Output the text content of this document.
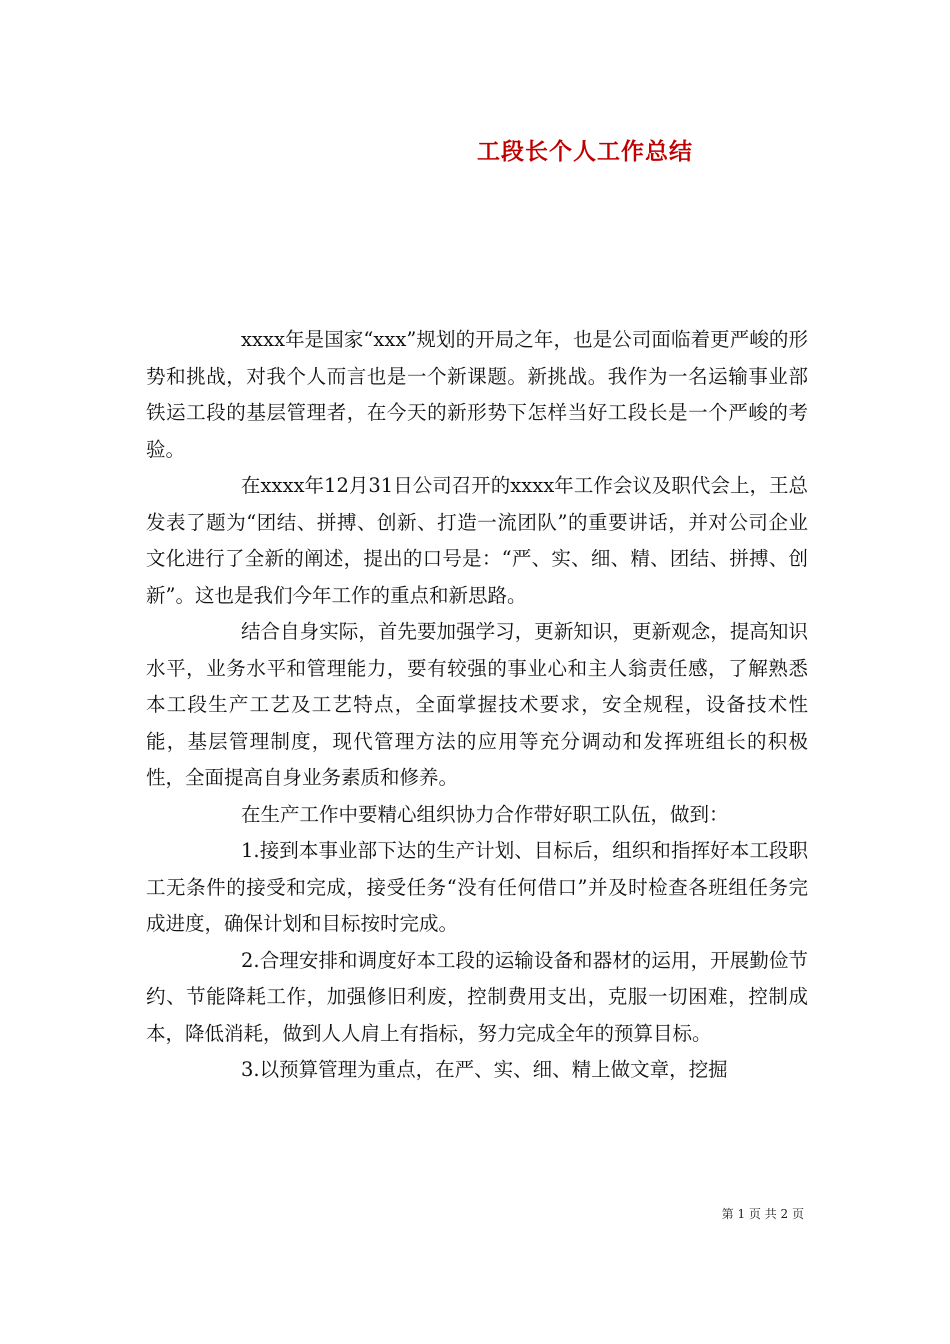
工段长个人工作总结

xxxx年是国家“xxx”规划的开局之年，也是公司面临着更严峻的形势和挑战，对我个人而言也是一个新课题。新挑战。我作为一名运输事业部铁运工段的基层管理者，在今天的新形势下怎样当好工段长是一个严峻的考验。

在xxxx年12月31日公司召开的xxxx年工作会议及职代会上，王总发表了题为“团结、拼搏、创新、打造一流团队”的重要讲话，并对公司企业文化进行了全新的阐述，提出的口号是：“严、实、细、精、团结、拼搏、创新”。这也是我们今年工作的重点和新思路。

结合自身实际，首先要加强学习，更新知识，更新观念，提高知识水平，业务水平和管理能力，要有较强的事业心和主人翁责任感，了解熟悉本工段生产工艺及工艺特点，全面掌握技术要求，安全规程，设备技术性能，基层管理制度，现代管理方法的应用等充分调动和发挥班组长的积极性，全面提高自身业务素质和修养。

在生产工作中要精心组织协力合作带好职工队伍，做到：

1.接到本事业部下达的生产计划、目标后，组织和指挥好本工段职工无条件的接受和完成，接受任务“没有任何借口”并及时检查各班组任务完成进度，确保计划和目标按时完成。

2.合理安排和调度好本工段的运输设备和器材的运用，开展勤俭节约、节能降耗工作，加强修旧利废，控制费用支出，克服一切困难，控制成本，降低消耗，做到人人肩上有指标，努力完成全年的预算目标。

3.以预算管理为重点，在严、实、细、精上做文章，挖掘

第 1 页 共 2 页
